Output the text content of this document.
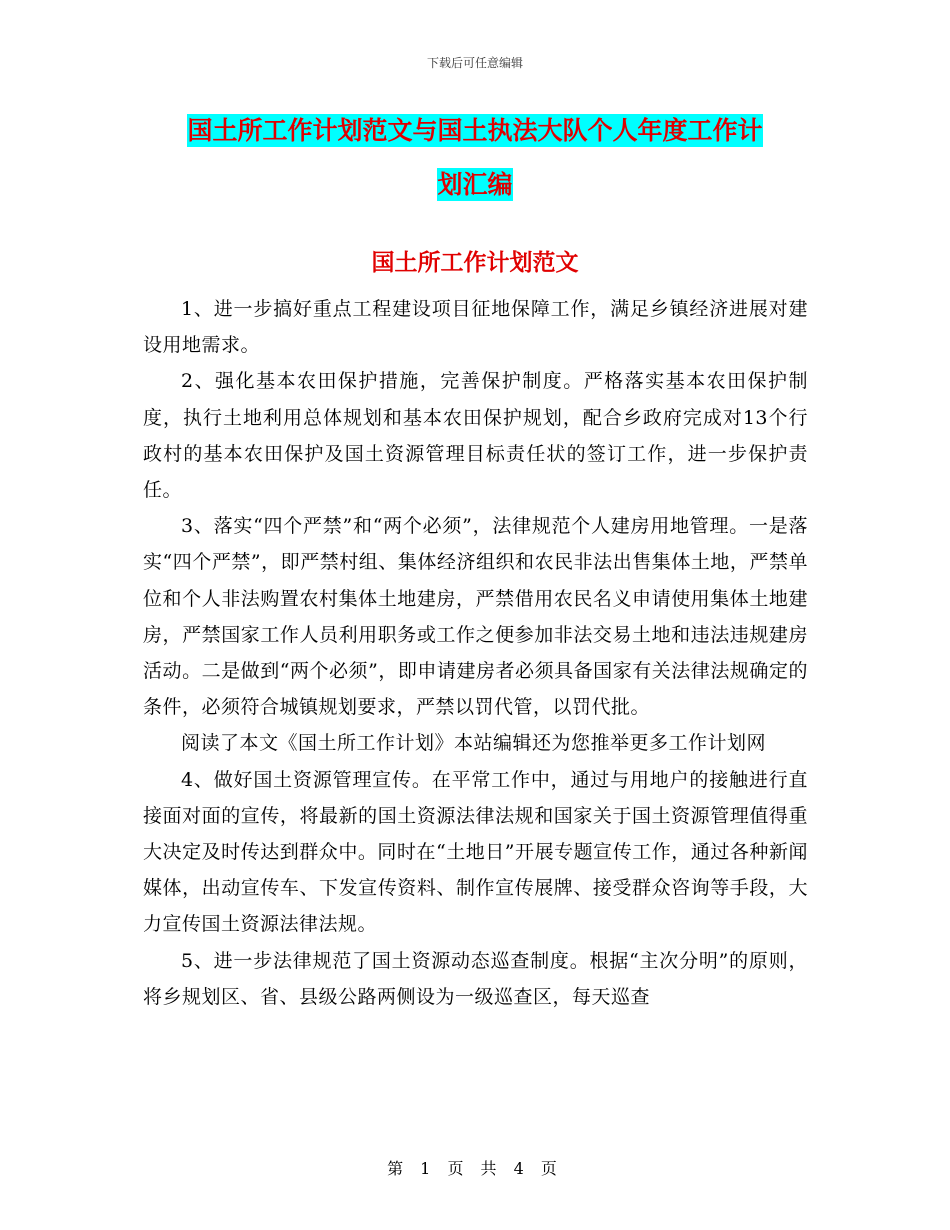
下载后可任意编辑
国土所工作计划范文与国土执法大队个人年度工作计
划汇编
国土所工作计划范文

1、进一步搞好重点工程建设项目征地保障工作，满足乡镇经济进展对建设用地需求。

2、强化基本农田保护措施，完善保护制度。严格落实基本农田保护制度，执行土地利用总体规划和基本农田保护规划，配合乡政府完成对13个行政村的基本农田保护及国土资源管理目标责任状的签订工作，进一步保护责任。

3、落实“四个严禁”和“两个必须”，法律规范个人建房用地管理。一是落实“四个严禁”，即严禁村组、集体经济组织和农民非法出售集体土地，严禁单位和个人非法购置农村集体土地建房，严禁借用农民名义申请使用集体土地建房，严禁国家工作人员利用职务或工作之便参加非法交易土地和违法违规建房活动。二是做到“两个必须”，即申请建房者必须具备国家有关法律法规确定的条件，必须符合城镇规划要求，严禁以罚代管，以罚代批。

阅读了本文《国土所工作计划》本站编辑还为您推举更多工作计划网

4、做好国土资源管理宣传。在平常工作中，通过与用地户的接触进行直接面对面的宣传，将最新的国土资源法律法规和国家关于国土资源管理值得重大决定及时传达到群众中。同时在“土地日”开展专题宣传工作，通过各种新闻媒体，出动宣传车、下发宣传资料、制作宣传展牌、接受群众咨询等手段，大力宣传国土资源法律法规。

5、进一步法律规范了国土资源动态巡查制度。根据“主次分明”的原则，将乡规划区、省、县级公路两侧设为一级巡查区，每天巡查

第 1 页 共 4 页
